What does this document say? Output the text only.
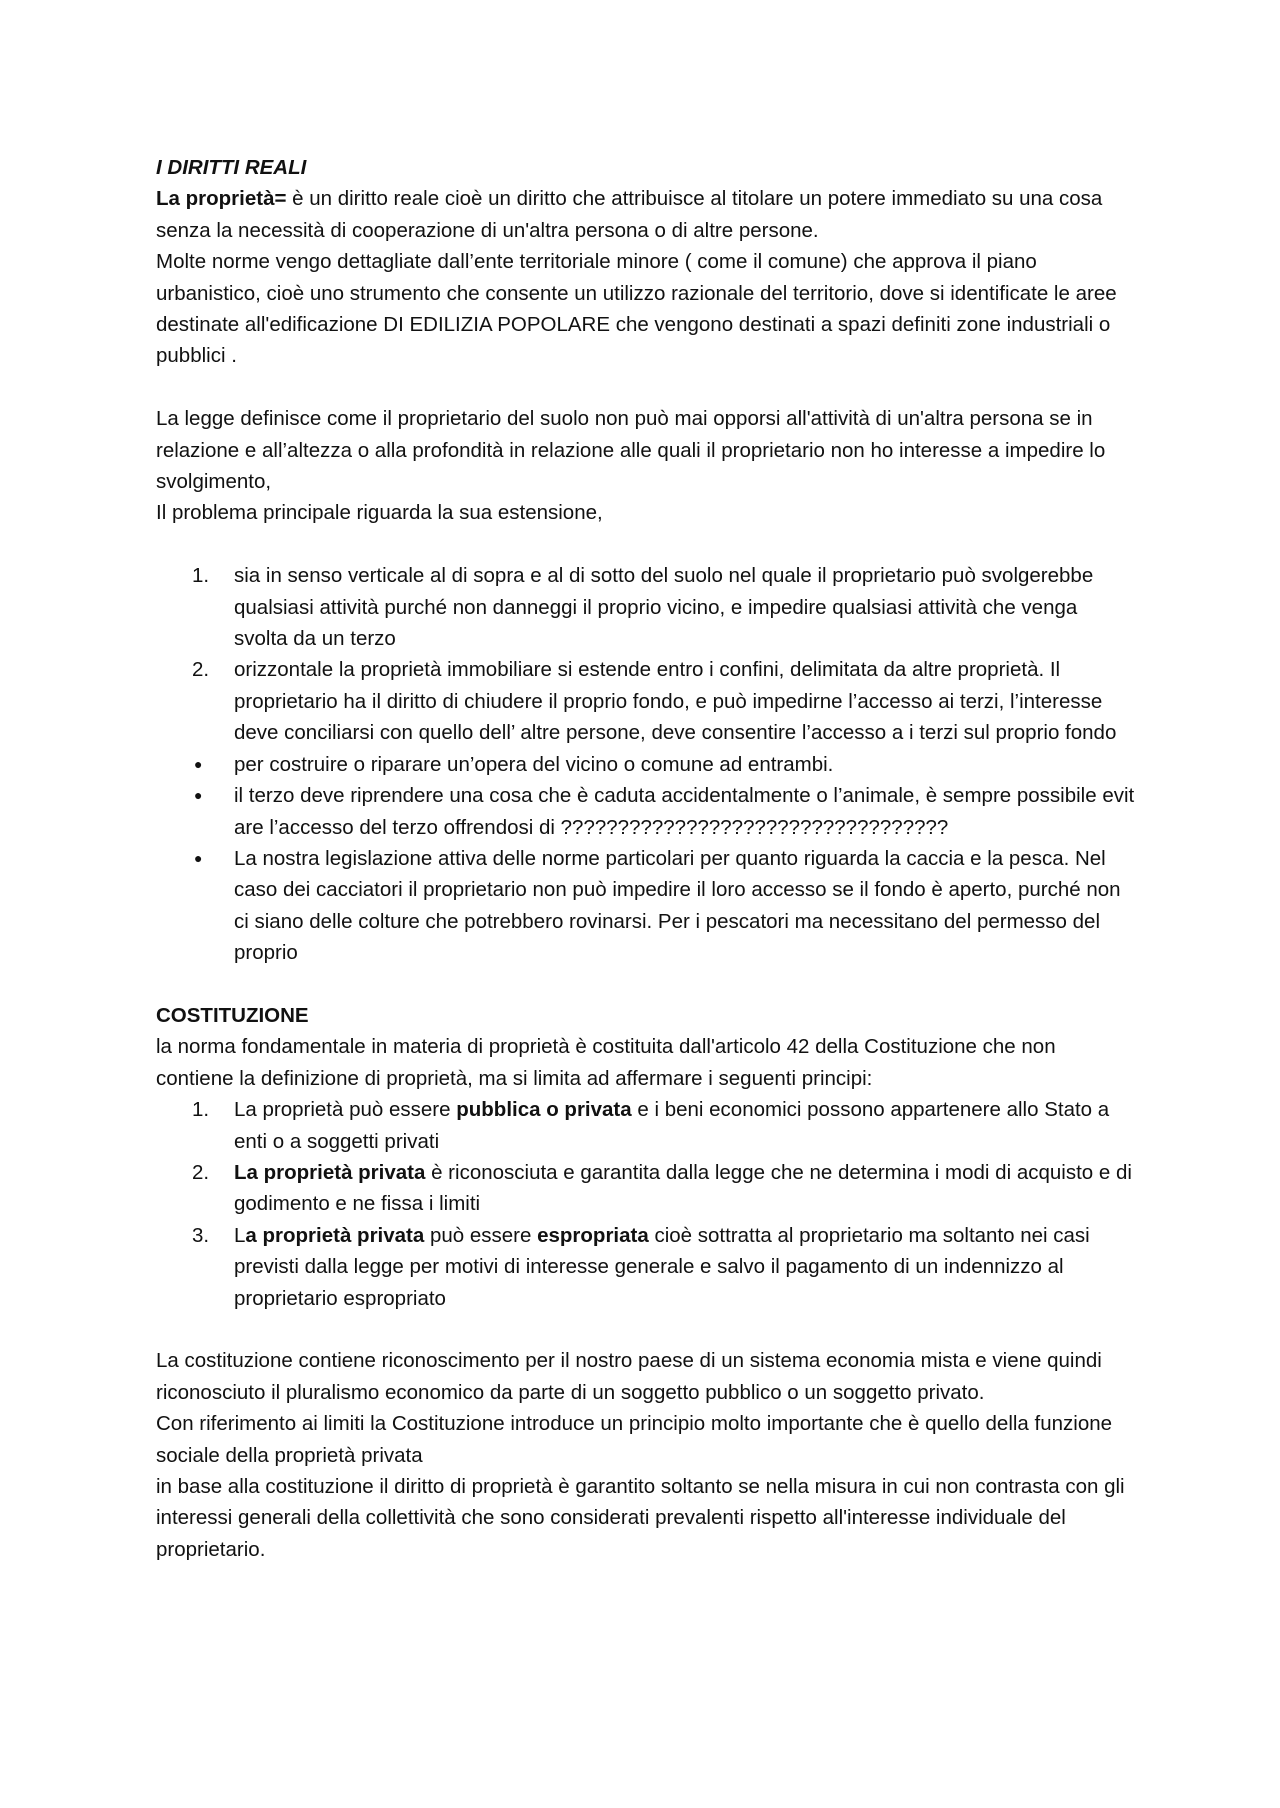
I DIRITTI REALI

La proprietà= è un diritto reale cioè un diritto che attribuisce al titolare un potere immediato su una cosa senza la necessità di cooperazione di un'altra persona o di altre persone.

Molte norme vengo dettagliate dall’ente territoriale minore ( come il comune) che approva il piano urbanistico, cioè uno strumento che consente un utilizzo razionale del territorio, dove si identificate le aree destinate all'edificazione DI EDILIZIA POPOLARE che vengono destinati a spazi definiti zone industriali o pubblici .

La legge definisce come il proprietario del suolo non può mai opporsi all'attività di un'altra persona se in relazione e all’altezza o alla profondità in relazione alle quali il proprietario non ho interesse a impedire lo svolgimento,

Il problema principale riguarda la sua estensione,

1.	sia in senso verticale al di sopra e al di sotto del suolo nel quale il proprietario può svolgerebbe qualsiasi attività purché non danneggi il proprio vicino, e impedire qualsiasi attività che venga svolta da un terzo
2.	orizzontale la proprietà immobiliare si estende entro i confini, delimitata da altre proprietà. Il proprietario ha il diritto di chiudere il proprio fondo, e può impedirne l’accesso ai terzi, l’interesse deve conciliarsi con quello dell’ altre persone, deve consentire l’accesso a i terzi sul proprio fondo
●	per costruire o riparare un’opera del vicino o comune ad entrambi.
●	il terzo deve riprendere una cosa che è caduta accidentalmente o l’animale, è sempre possibile evitare l’accesso del terzo offrendosi di ??????????????????????????????????
●	La nostra legislazione attiva delle norme particolari per quanto riguarda la caccia e la pesca. Nel caso dei cacciatori il proprietario non può impedire il loro accesso se il fondo è aperto, purché non ci siano delle colture che potrebbero rovinarsi. Per i pescatori ma necessitano del permesso del proprio

COSTITUZIONE

la norma fondamentale in materia di proprietà è costituita dall'articolo 42 della Costituzione che non contiene la definizione di proprietà, ma si limita ad affermare i seguenti principi:

1.	La proprietà può essere pubblica o privata e i beni economici possono appartenere allo Stato a enti o a soggetti privati
2.	La proprietà privata è riconosciuta e garantita dalla legge che ne determina i modi di acquisto e di godimento e ne fissa i limiti
3.	La proprietà privata può essere espropriata cioè sottratta al proprietario ma soltanto nei casi previsti dalla legge per motivi di interesse generale e salvo il pagamento di un indennizzo al proprietario espropriato

La costituzione contiene riconoscimento per il nostro paese di un sistema economia mista e viene quindi riconosciuto il pluralismo economico da parte di un soggetto pubblico o un soggetto privato.

Con riferimento ai limiti la Costituzione introduce un principio molto importante che è quello della funzione sociale della proprietà privata

in base alla costituzione il diritto di proprietà è garantito soltanto se nella misura in cui non contrasta con gli interessi generali della collettività che sono considerati prevalenti rispetto all'interesse individuale del proprietario.
